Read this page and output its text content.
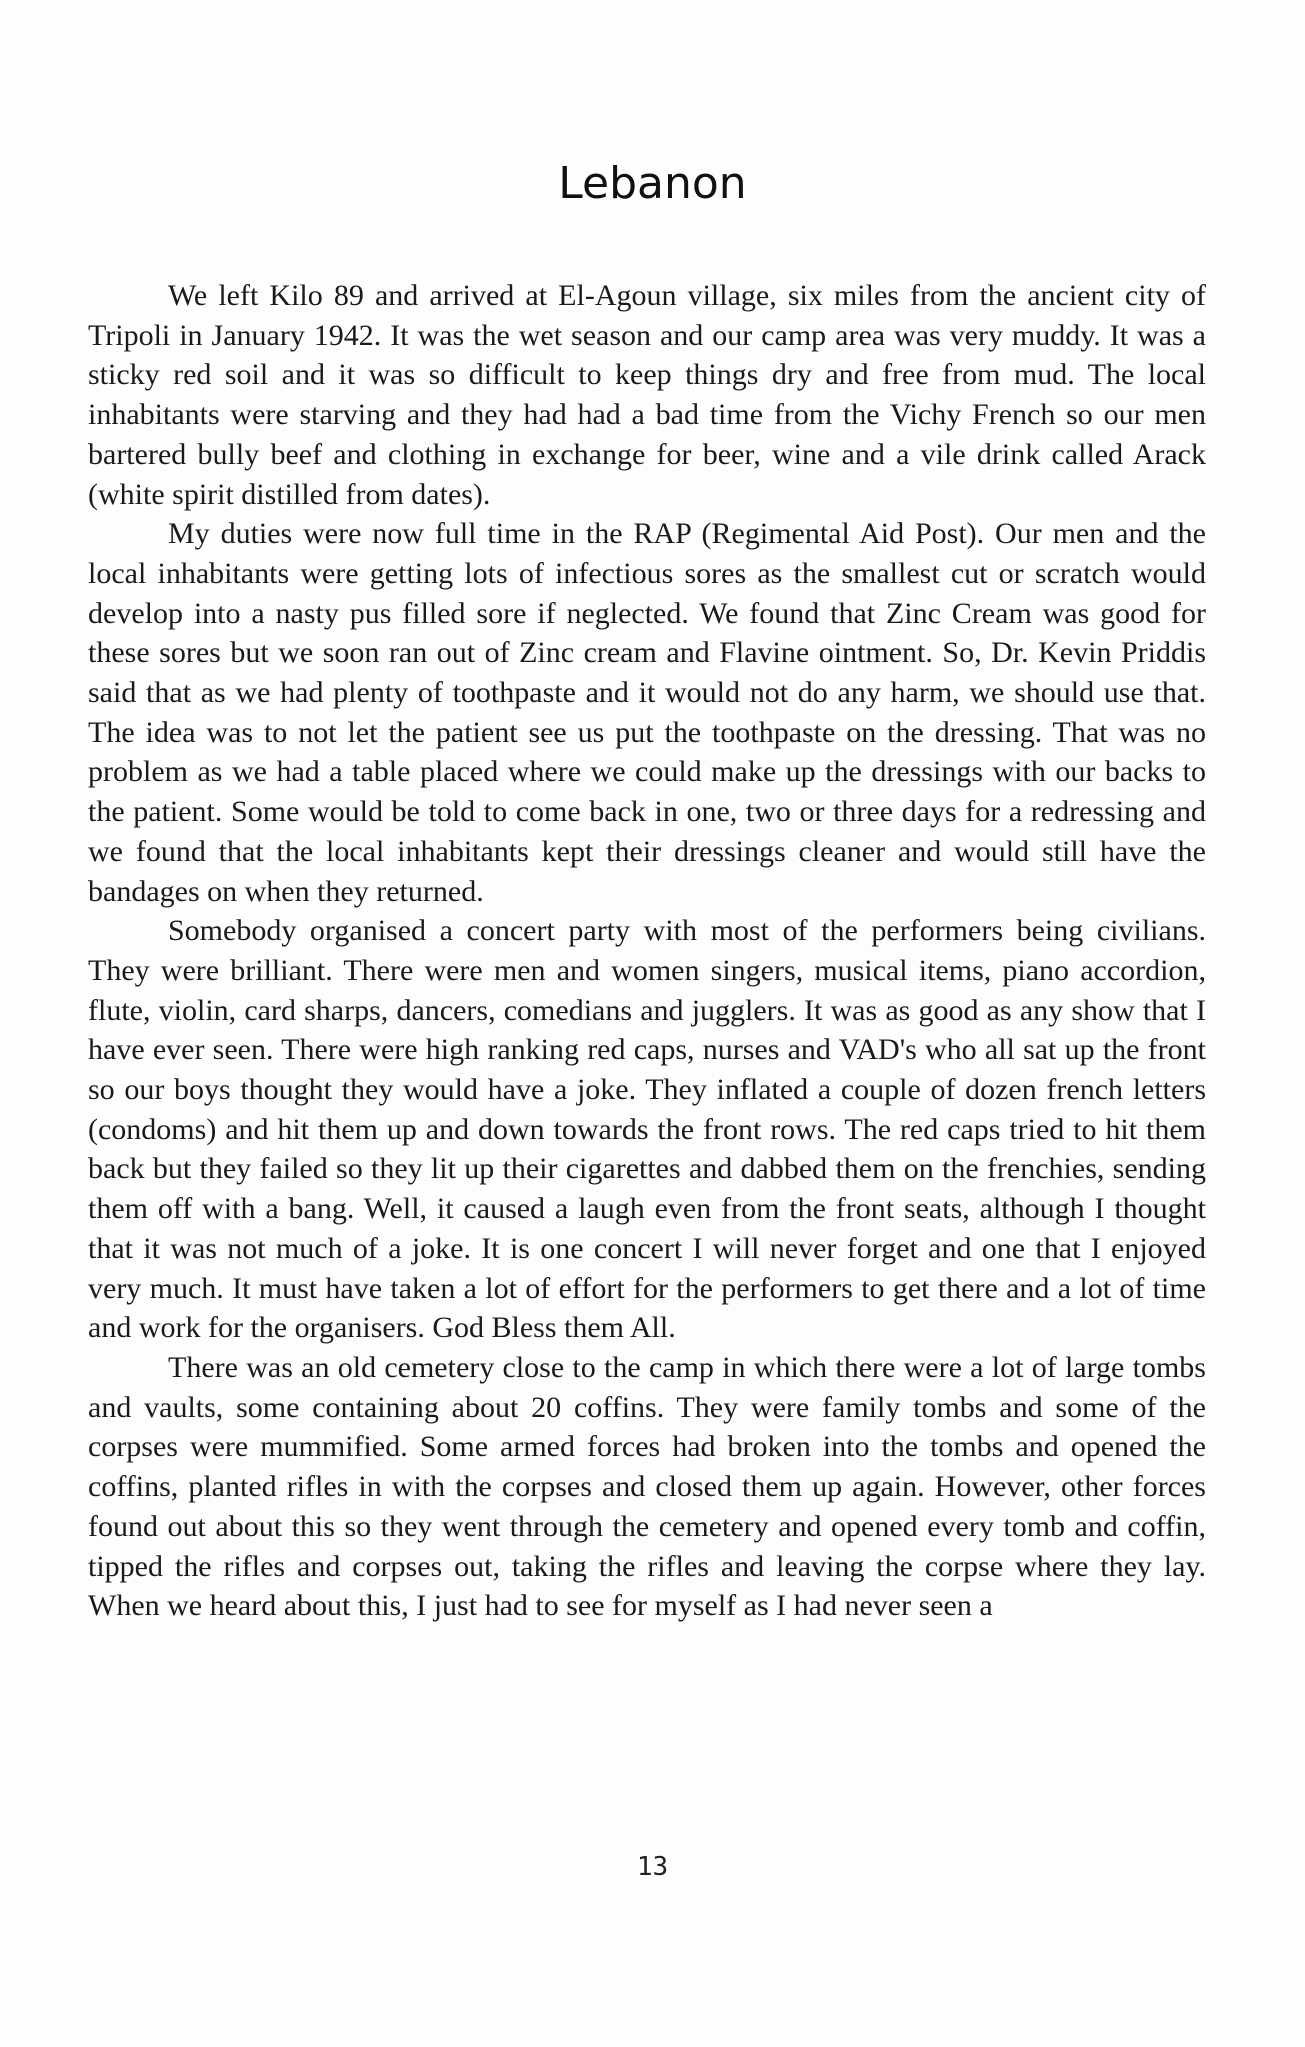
Lebanon

We left Kilo 89 and arrived at El-Agoun village, six miles from the ancient city of Tripoli in January 1942. It was the wet season and our camp area was very muddy. It was a sticky red soil and it was so difficult to keep things dry and free from mud. The local inhabitants were starving and they had had a bad time from the Vichy French so our men bartered bully beef and clothing in exchange for beer, wine and a vile drink called Arack (white spirit distilled from dates).

My duties were now full time in the RAP (Regimental Aid Post). Our men and the local inhabitants were getting lots of infectious sores as the smallest cut or scratch would develop into a nasty pus filled sore if neglected. We found that Zinc Cream was good for these sores but we soon ran out of Zinc cream and Flavine ointment. So, Dr. Kevin Priddis said that as we had plenty of toothpaste and it would not do any harm, we should use that. The idea was to not let the patient see us put the toothpaste on the dressing. That was no problem as we had a table placed where we could make up the dressings with our backs to the patient. Some would be told to come back in one, two or three days for a redressing and we found that the local inhabitants kept their dressings cleaner and would still have the bandages on when they returned.

Somebody organised a concert party with most of the performers being civilians. They were brilliant. There were men and women singers, musical items, piano accordion, flute, violin, card sharps, dancers, comedians and jugglers. It was as good as any show that I have ever seen. There were high ranking red caps, nurses and VAD's who all sat up the front so our boys thought they would have a joke. They inflated a couple of dozen french letters (condoms) and hit them up and down towards the front rows. The red caps tried to hit them back but they failed so they lit up their cigarettes and dabbed them on the frenchies, sending them off with a bang. Well, it caused a laugh even from the front seats, although I thought that it was not much of a joke. It is one concert I will never forget and one that I enjoyed very much. It must have taken a lot of effort for the performers to get there and a lot of time and work for the organisers. God Bless them All.

There was an old cemetery close to the camp in which there were a lot of large tombs and vaults, some containing about 20 coffins. They were family tombs and some of the corpses were mummified. Some armed forces had broken into the tombs and opened the coffins, planted rifles in with the corpses and closed them up again. However, other forces found out about this so they went through the cemetery and opened every tomb and coffin, tipped the rifles and corpses out, taking the rifles and leaving the corpse where they lay. When we heard about this, I just had to see for myself as I had never seen a

13
